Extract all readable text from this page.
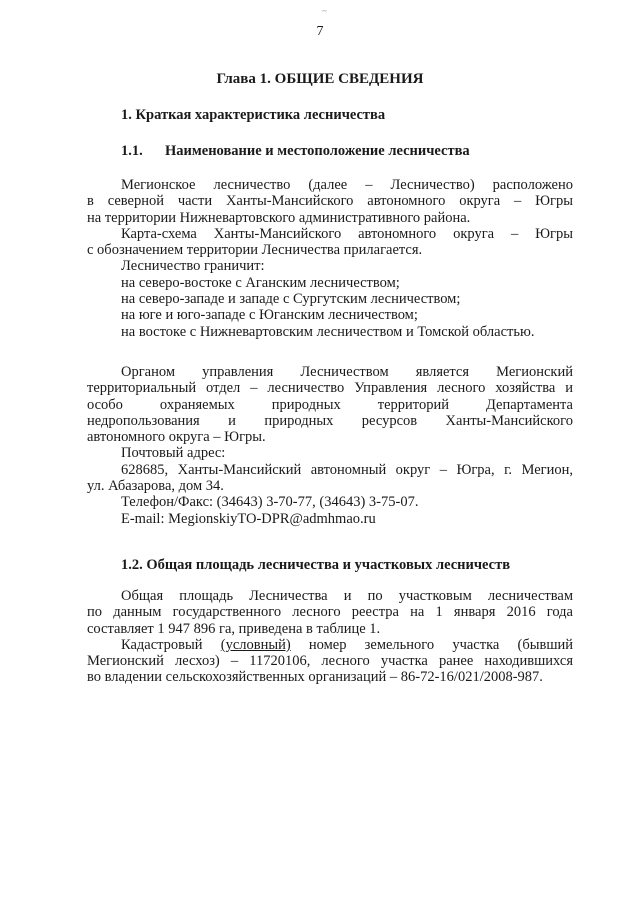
~
7
Глава 1. ОБЩИЕ СВЕДЕНИЯ
1. Краткая характеристика лесничества
1.1. Наименование и местоположение лесничества

Мегионское лесничество (далее – Лесничество) расположено

в северной части Ханты-Мансийского автономного округа – Югры

на территории Нижневартовского административного района.

Карта-схема Ханты-Мансийского автономного округа – Югры

с обозначением территории Лесничества прилагается.

Лесничество граничит:

на северо-востоке с Аганским лесничеством;

на северо-западе и западе с Сургутским лесничеством;

на юге и юго-западе с Юганским лесничеством;

на востоке с Нижневартовским лесничеством и Томской областью.

Органом управления Лесничеством является Мегионский

территориальный отдел – лесничество Управления лесного хозяйства и

особо охраняемых природных территорий Департамента

недропользования и природных ресурсов Ханты-Мансийского

автономного округа – Югры.

Почтовый адрес:

628685, Ханты-Мансийский автономный округ – Югра, г. Мегион,

ул. Абазарова, дом 34.

Телефон/Факс: (34643) 3-70-77, (34643) 3-75-07.

E-mail: MegionskiyTO-DPR@admhmao.ru

1.2. Общая площадь лесничества и участковых лесничеств

Общая площадь Лесничества и по участковым лесничествам

по данным государственного лесного реестра на 1 января 2016 года

составляет 1 947 896 га, приведена в таблице 1.

Кадастровый (условный) номер земельного участка (бывший

Мегионский лесхоз) – 11720106, лесного участка ранее находившихся

во владении сельскохозяйственных организаций – 86-72-16/021/2008-987.
